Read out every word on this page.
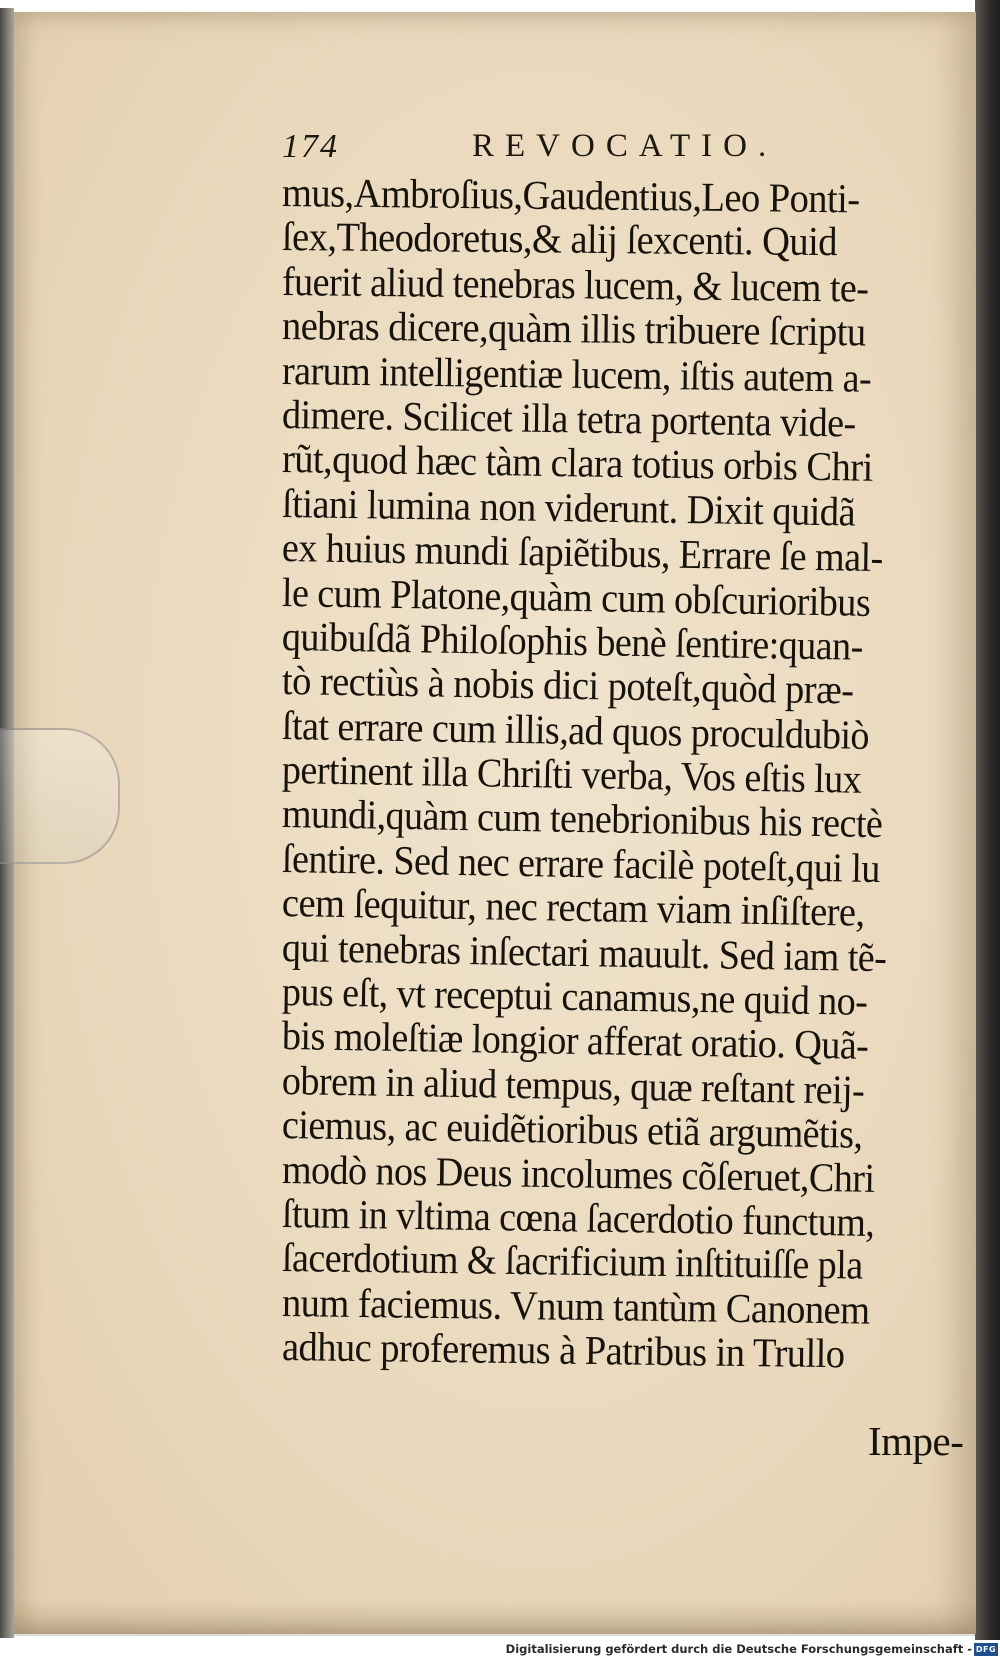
174	REVOCATIO.
mus,Ambroſius,Gaudentius,Leo Ponti-
ſex,Theodoretus,& alij ſexcenti. Quid
fuerit aliud tenebras lucem, & lucem te-
nebras dicere,quàm illis tribuere ſcriptu
rarum intelligentiæ lucem, iſtis autem a-
dimere. Scilicet illa tetra portenta vide-
rũt,quod hæc tàm clara totius orbis Chri
ſtiani lumina non viderunt. Dixit quidã
ex huius mundi ſapiẽtibus, Errare ſe mal-
le cum Platone,quàm cum obſcurioribus
quibuſdã Philoſophis benè ſentire:quan-
tò rectiùs à nobis dici poteſt,quòd præ-
ſtat errare cum illis,ad quos proculdubiò
pertinent illa Chriſti verba, Vos eſtis lux
mundi,quàm cum tenebrionibus his rectè
ſentire. Sed nec errare facilè poteſt,qui lu
cem ſequitur, nec rectam viam inſiſtere,
qui tenebras inſectari mauult. Sed iam tẽ-
pus eſt, vt receptui canamus,ne quid no-
bis moleſtiæ longior afferat oratio. Quã-
obrem in aliud tempus, quæ reſtant reij-
ciemus, ac euidẽtioribus etiã argumẽtis,
modò nos Deus incolumes cõſeruet,Chri
ſtum in vltima cœna ſacerdotio functum,
ſacerdotium & ſacrificium inſtituiſſe pla
num faciemus. Vnum tantùm Canonem
adhuc proferemus à Patribus in Trullo
Impe-
Digitalisierung gefördert durch die Deutsche Forschungsgemeinschaft - DFG
